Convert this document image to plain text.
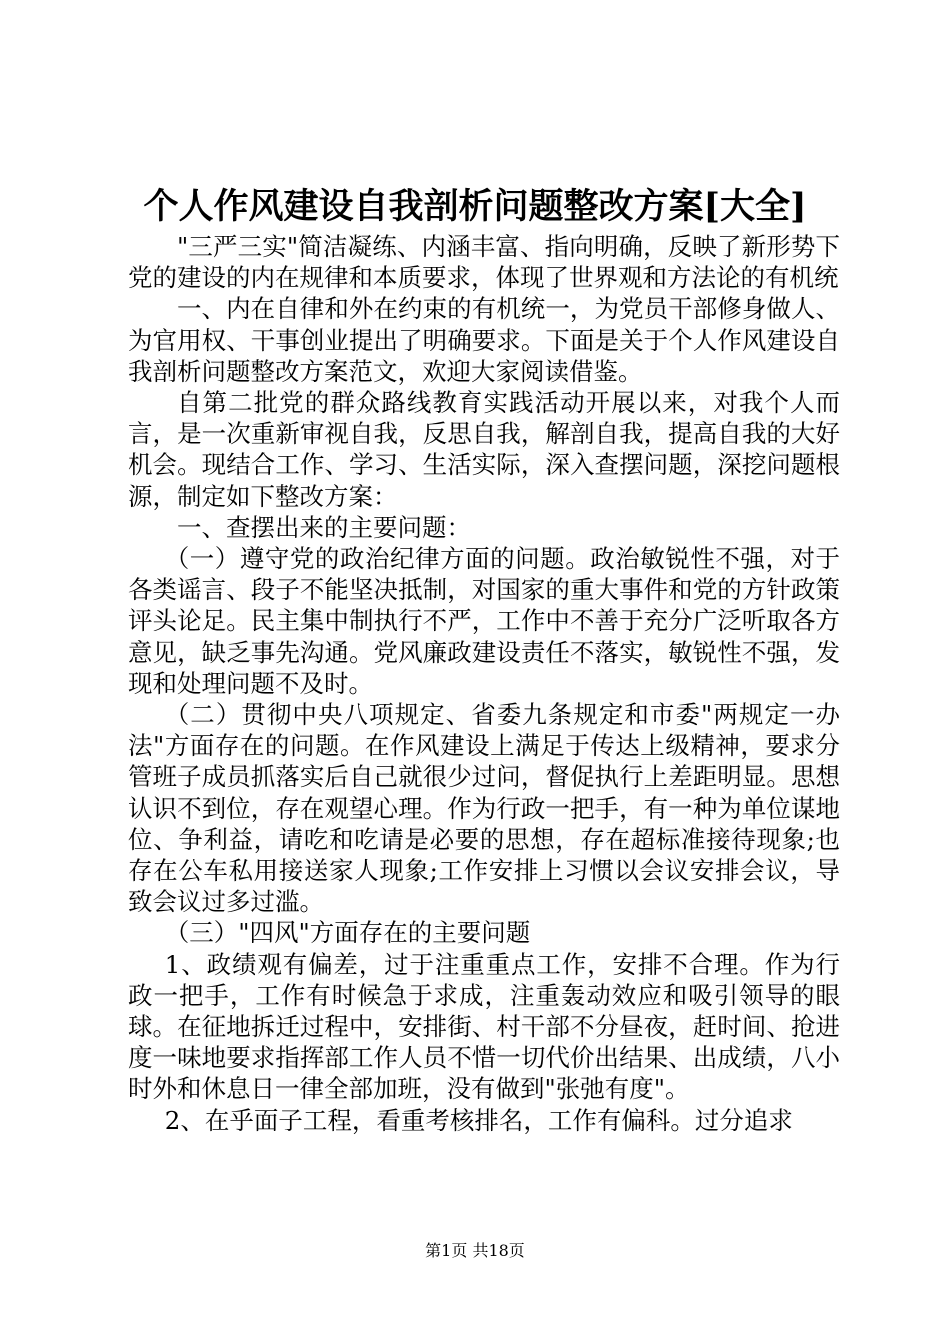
个人作风建设自我剖析问题整改方案[大全]

"三严三实"简洁凝练、内涵丰富、指向明确，反映了新形势下党的建设的内在规律和本质要求，体现了世界观和方法论的有机统

一、内在自律和外在约束的有机统一，为党员干部修身做人、为官用权、干事创业提出了明确要求。下面是关于个人作风建设自我剖析问题整改方案范文，欢迎大家阅读借鉴。

自第二批党的群众路线教育实践活动开展以来，对我个人而言，是一次重新审视自我，反思自我，解剖自我，提高自我的大好机会。现结合工作、学习、生活实际，深入查摆问题，深挖问题根源，制定如下整改方案：

一、查摆出来的主要问题：

（一）遵守党的政治纪律方面的问题。政治敏锐性不强，对于各类谣言、段子不能坚决抵制，对国家的重大事件和党的方针政策评头论足。民主集中制执行不严，工作中不善于充分广泛听取各方意见，缺乏事先沟通。党风廉政建设责任不落实，敏锐性不强，发现和处理问题不及时。

（二）贯彻中央八项规定、省委九条规定和市委"两规定一办法"方面存在的问题。在作风建设上满足于传达上级精神，要求分管班子成员抓落实后自己就很少过问，督促执行上差距明显。思想认识不到位，存在观望心理。作为行政一把手，有一种为单位谋地位、争利益，请吃和吃请是必要的思想，存在超标准接待现象;也存在公车私用接送家人现象;工作安排上习惯以会议安排会议，导致会议过多过滥。

（三）"四风"方面存在的主要问题

1、政绩观有偏差，过于注重重点工作，安排不合理。作为行政一把手，工作有时候急于求成，注重轰动效应和吸引领导的眼球。在征地拆迁过程中，安排街、村干部不分昼夜，赶时间、抢进度一味地要求指挥部工作人员不惜一切代价出结果、出成绩，八小时外和休息日一律全部加班，没有做到"张弛有度"。

2、在乎面子工程，看重考核排名，工作有偏科。过分追求

第1页 共18页
